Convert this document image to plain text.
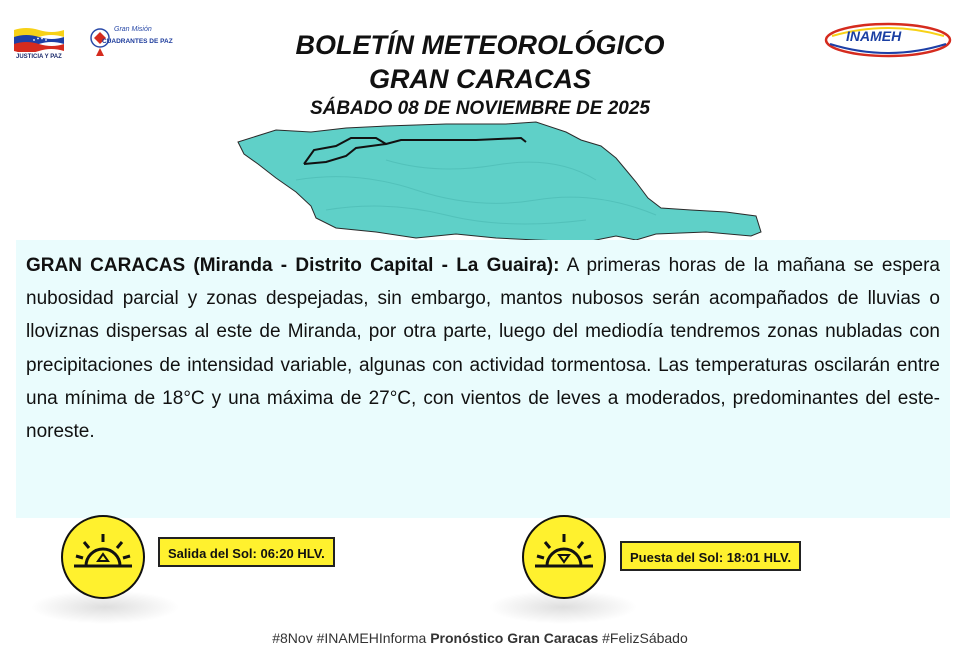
JUSTICIA Y PAZ
Gran Misión
CUADRANTES DE PAZ	INAMEH
BOLETÍN METEOROLÓGICO
GRAN CARACAS
SÁBADO 08 DE NOVIEMBRE DE 2025
GRAN CARACAS (Miranda - Distrito Capital - La Guaira): A primeras horas de la mañana se espera nubosidad parcial y zonas despejadas, sin embargo, mantos nubosos serán acompañados de lluvias o lloviznas dispersas al este de Miranda, por otra parte, luego del mediodía tendremos zonas nubladas con precipitaciones de intensidad variable, algunas con actividad tormentosa. Las temperaturas oscilarán entre una mínima de 18°C y una máxima de 27°C, con vientos de leves a moderados, predominantes del este-noreste.
Salida del Sol: 06:20 HLV.	Puesta del Sol: 18:01 HLV.
#8Nov #INAMEHInforma Pronóstico Gran Caracas #FelizSábado
